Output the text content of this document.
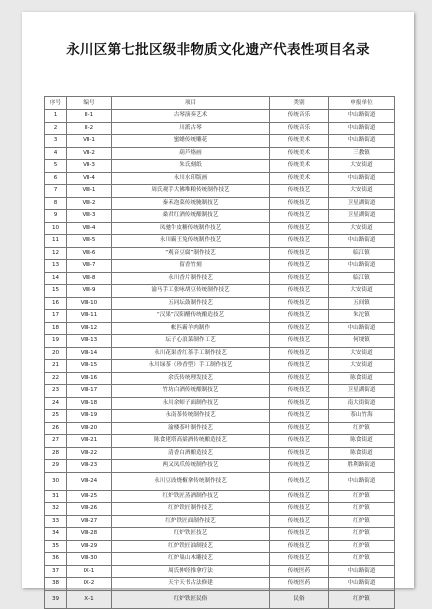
永川区第七批区级非物质文化遗产代表性项目名录
序号	编号	项目	类别	申报单位
1	Ⅱ-1	古琴演奏艺术	传统音乐	中山路街道
2	Ⅱ-2	川派古琴	传统音乐	中山路街道
3	Ⅶ-1	蜜蜡传统雕花	传统美术	中山路街道
4	Ⅶ-2	葫芦烙画	传统美术	三教镇
5	Ⅶ-3	朱氏刻纸	传统美术	大安街道
6	Ⅶ-4	永川水印版画	传统美术	中山路街道
7	Ⅷ-1	周氏观手大佛堆粮传统制作技艺	传统技艺	大安街道
8	Ⅷ-2	秦禾泡菜传统腌制技艺	传统技艺	卫星湖街道
9	Ⅷ-3	桑君红酒传统酿制技艺	传统技艺	卫星湖街道
10	Ⅷ-4	凤驰牛皮糖传统制作技艺	传统技艺	大安街道
11	Ⅷ-5	永川霸王兔传统制作技艺	传统技艺	中山路街道
12	Ⅷ-6	“观音豆腐”制作技艺	传统技艺	临江镇
13	Ⅷ-7	留香竹刻	传统技艺	中山路街道
14	Ⅷ-8	永川香片制作技艺	传统技艺	临江镇
15	Ⅷ-9	渝马手工张咏胡豆传统制作技艺	传统技艺	大安街道
16	Ⅷ-10	五同坛鼓制作技艺	传统技艺	五间镇
17	Ⅷ-11	“汉果”汉阳醋传统酿造技艺	传统技艺	朱沱镇
18	Ⅷ-12	帐匹霸羊肉制作	传统技艺	中山路街道
19	Ⅷ-13	坛子心浪菜制作工艺	传统技艺	何埂镇
20	Ⅷ-14	永川花果香红茶手工制作技艺	传统技艺	大安街道
21	Ⅷ-15	永川绿茶（珍香型）手工制作技艺	传统技艺	大安街道
22	Ⅷ-16	余氏传统理发技艺	传统技艺	陈食街道
23	Ⅷ-17	竹坊白酒传统酿制技艺	传统技艺	卫星湖街道
24	Ⅷ-18	永川余师子面制作技艺	传统技艺	南大街街道
25	Ⅷ-19	永南茶传统制作技艺	传统技艺	茶山竹海
26	Ⅷ-20	渝楼茶叶制作技艺	传统技艺	红炉镇
27	Ⅷ-21	陈食佬塔高粱酒传统酿造技艺	传统技艺	陈食街道
28	Ⅷ-22	清香白酒酿造技艺	传统技艺	陈食街道
29	Ⅷ-23	两又凤爪传统制作技艺	传统技艺	胜利路街道
30	Ⅷ-24	永川豆豉烧椒拿传统制作技艺	传统技艺	中山路街道
31	Ⅷ-25	红炉铁匠蒸酒制作技艺	传统技艺	红炉镇
32	Ⅷ-26	红炉铁匠制作技艺	传统技艺	红炉镇
33	Ⅷ-27	红炉铁匠面制作技艺	传统技艺	红炉镇
34	Ⅷ-28	红炉铁匠技艺	传统技艺	红炉镇
35	Ⅷ-29	红炉铁匠油制技艺	传统技艺	红炉镇
36	Ⅷ-30	红炉巢山木雕技艺	传统技艺	红炉镇
37	Ⅸ-1	周氏伸经推拿疗法	传统医药	中山路街道
38	Ⅸ-2	天宇天书古法修建	传统医药	中山路街道
39	Ⅹ-1	红炉铁匠民俗	民俗	红炉镇
